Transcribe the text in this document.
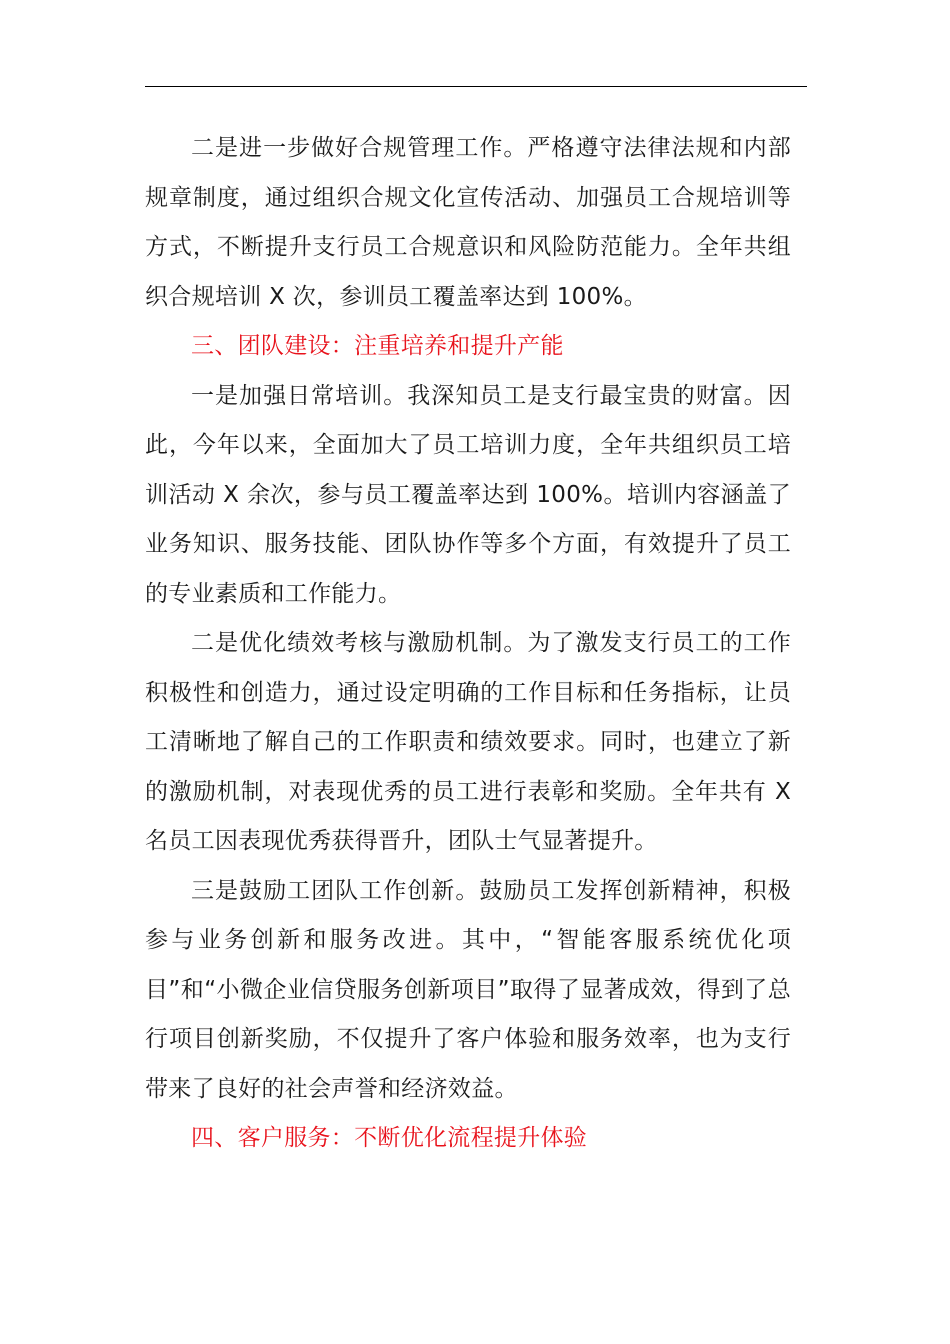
二是进一步做好合规管理工作。严格遵守法律法规和内部规章制度，通过组织合规文化宣传活动、加强员工合规培训等方式，不断提升支行员工合规意识和风险防范能力。全年共组织合规培训 X 次，参训员工覆盖率达到 100%。

三、团队建设：注重培养和提升产能

一是加强日常培训。我深知员工是支行最宝贵的财富。因此，今年以来，全面加大了员工培训力度，全年共组织员工培训活动 X 余次，参与员工覆盖率达到 100%。培训内容涵盖了业务知识、服务技能、团队协作等多个方面，有效提升了员工的专业素质和工作能力。

二是优化绩效考核与激励机制。为了激发支行员工的工作积极性和创造力，通过设定明确的工作目标和任务指标，让员工清晰地了解自己的工作职责和绩效要求。同时，也建立了新的激励机制，对表现优秀的员工进行表彰和奖励。全年共有 X 名员工因表现优秀获得晋升，团队士气显著提升。

三是鼓励工团队工作创新。鼓励员工发挥创新精神，积极参与业务创新和服务改进。其中，“智能客服系统优化项目”和“小微企业信贷服务创新项目”取得了显著成效，得到了总行项目创新奖励，不仅提升了客户体验和服务效率，也为支行带来了良好的社会声誉和经济效益。

四、客户服务：不断优化流程提升体验
